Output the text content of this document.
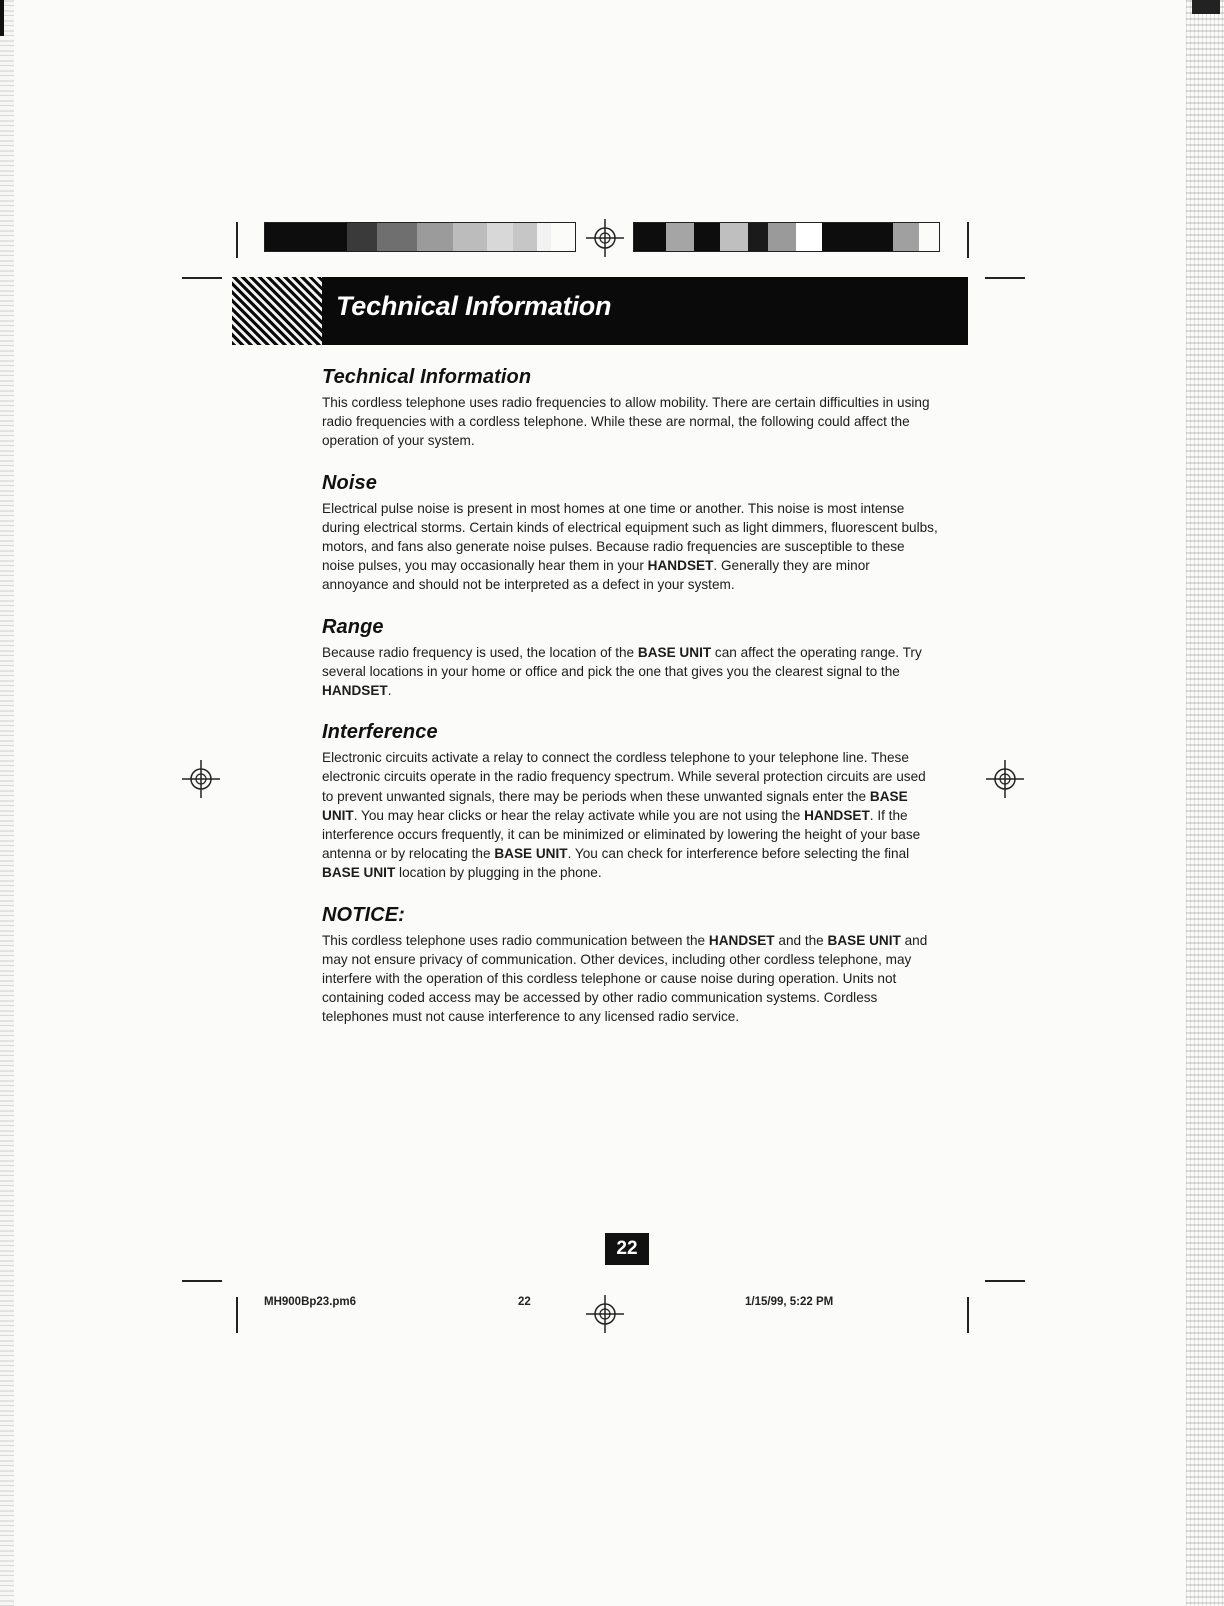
Technical Information
Technical Information

This cordless telephone uses radio frequencies to allow mobility. There are certain difficulties in using radio frequencies with a cordless telephone. While these are normal, the following could affect the operation of your system.

Noise

Electrical pulse noise is present in most homes at one time or another. This noise is most intense during electrical storms. Certain kinds of electrical equipment such as light dimmers, fluorescent bulbs, motors, and fans also generate noise pulses. Because radio frequencies are susceptible to these noise pulses, you may occasionally hear them in your HANDSET. Generally they are minor annoyance and should not be interpreted as a defect in your system.

Range

Because radio frequency is used, the location of the BASE UNIT can affect the operating range. Try several locations in your home or office and pick the one that gives you the clearest signal to the HANDSET.

Interference

Electronic circuits activate a relay to connect the cordless telephone to your telephone line. These electronic circuits operate in the radio frequency spectrum. While several protection circuits are used to prevent unwanted signals, there may be periods when these unwanted signals enter the BASE UNIT. You may hear clicks or hear the relay activate while you are not using the HANDSET. If the interference occurs frequently, it can be minimized or eliminated by lowering the height of your base antenna or by relocating the BASE UNIT. You can check for interference before selecting the final BASE UNIT location by plugging in the phone.

NOTICE:

This cordless telephone uses radio communication between the HANDSET and the BASE UNIT and may not ensure privacy of communication. Other devices, including other cordless telephone, may interfere with the operation of this cordless telephone or cause noise during operation. Units not containing coded access may be accessed by other radio communication systems. Cordless telephones must not cause interference to any licensed radio service.

22
MH900Bp23.pm6	22	1/15/99, 5:22 PM
